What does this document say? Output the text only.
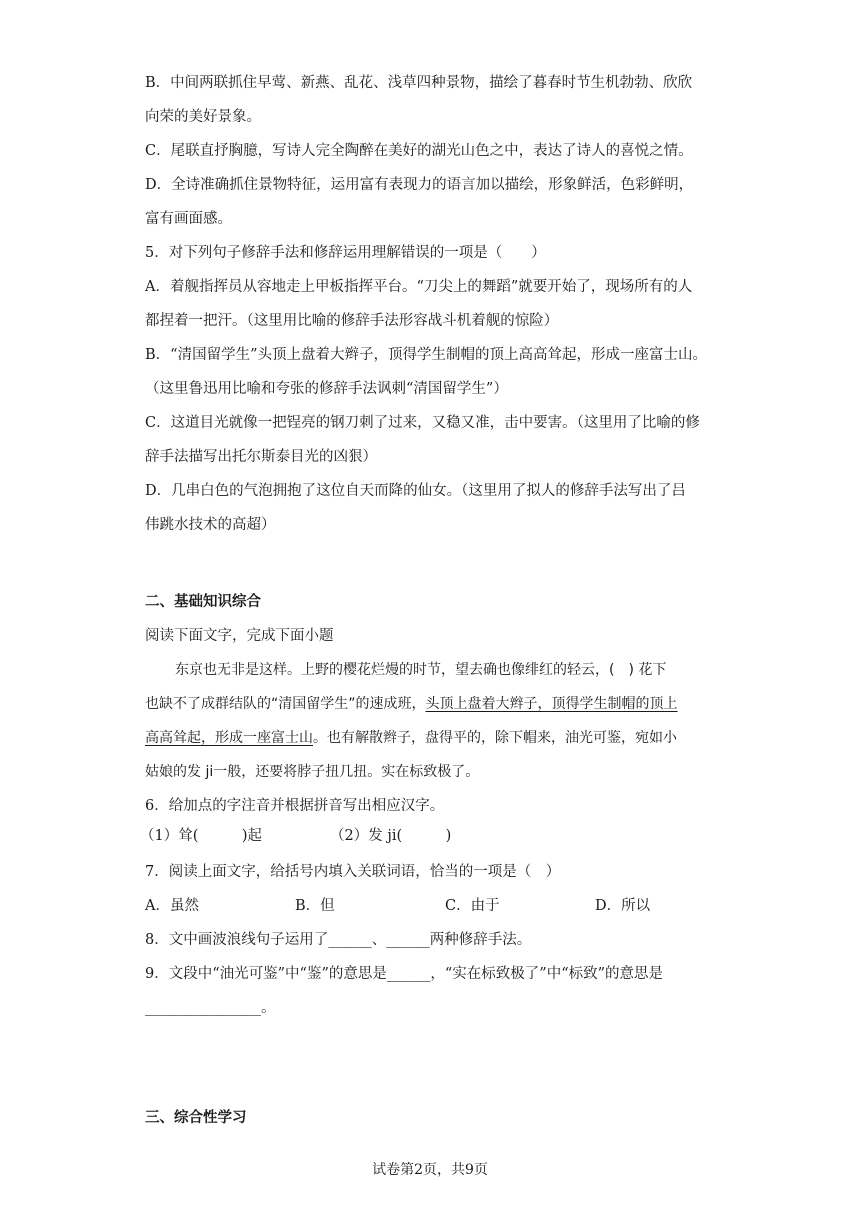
B．中间两联抓住早莺、新燕、乱花、浅草四种景物，描绘了暮春时节生机勃勃、欣欣
向荣的美好景象。
C．尾联直抒胸臆，写诗人完全陶醉在美好的湖光山色之中，表达了诗人的喜悦之情。
D．全诗准确抓住景物特征，运用富有表现力的语言加以描绘，形象鲜活，色彩鲜明，
富有画面感。
5．对下列句子修辞手法和修辞运用理解错误的一项是（　　）
A．着舰指挥员从容地走上甲板指挥平台。“刀尖上的舞蹈”就要开始了，现场所有的人
都捏着一把汗。（这里用比喻的修辞手法形容战斗机着舰的惊险）
B．“清国留学生”头顶上盘着大辫子，顶得学生制帽的顶上高高耸起，形成一座富士山。
（这里鲁迅用比喻和夸张的修辞手法讽刺“清国留学生”）
C．这道目光就像一把锃亮的钢刀刺了过来，又稳又准，击中要害。（这里用了比喻的修
辞手法描写出托尔斯泰目光的凶狠）
D．几串白色的气泡拥抱了这位自天而降的仙女。（这里用了拟人的修辞手法写出了吕
伟跳水技术的高超）
二、基础知识综合
阅读下面文字，完成下面小题
东京也无非是这样。上野的樱花烂熳的时节，望去确也像绯红的轻云，(　) 花下
也缺不了成群结队的“清国留学生”的速成班，头顶上盘着大辫子，顶得学生制帽的顶上
高高耸起，形成一座富士山。也有解散辫子，盘得平的，除下帽来，油光可鉴，宛如小
姑娘的发 ji一般，还要将脖子扭几扭。实在标致极了。
6．给加点的字注音并根据拼音写出相应汉字。
（1）耸(　　　)起	（2）发 ji(　　　)
7．阅读上面文字，给括号内填入关联词语，恰当的一项是（　）
A．虽然	B．但	C．由于	D．所以
8．文中画波浪线句子运用了______、______两种修辞手法。
9．文段中“油光可鉴”中“鉴”的意思是______，“实在标致极了”中“标致”的意思是
________________。
三、综合性学习
试卷第2页，共9页
